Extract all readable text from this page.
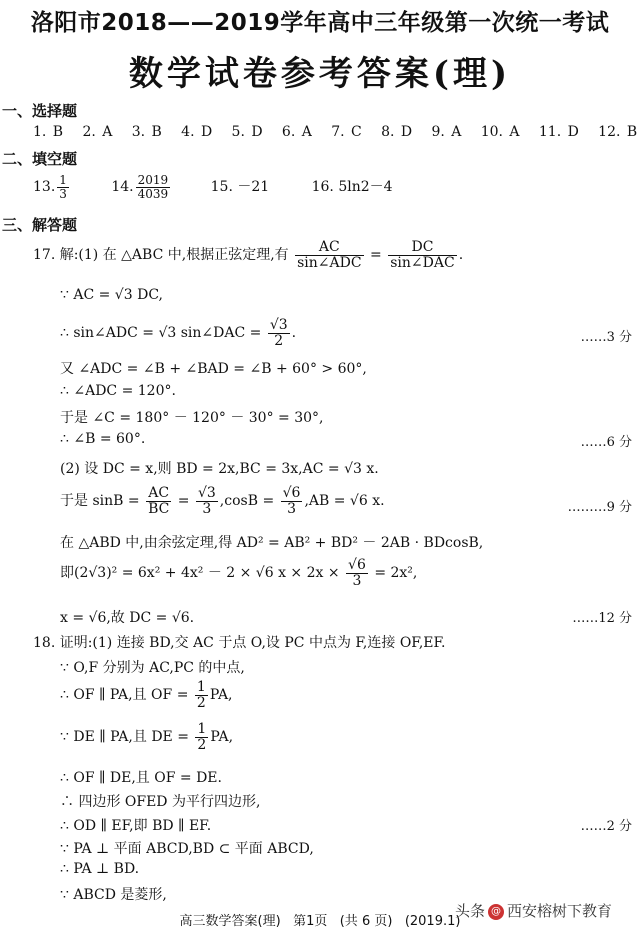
洛阳市2018——2019学年高中三年级第一次统一考试
数学试卷参考答案(理)
一、选择题
1. B   2. A   3. B   4. D   5. D   6. A   7. C   8. D   9. A   10. A   11. D   12. B
二、填空题
13. $\frac{1}{3}$	14. $\frac{2019}{4039}$	15. －21	16. 5ln2－4
三、解答题
17. 解:(1) 在 △ABC 中,根据正弦定理,有 $\frac{AC}{\text{sin∠ADC}} = \frac{DC}{\text{sin∠DAC}}$ .
∵ AC = √3 DC,
∴ sin∠ADC = √3 sin∠DAC = $\frac{√3}{2}$ .	……3 分
又 ∠ADC = ∠B + ∠BAD = ∠B + 60° > 60°,
∴ ∠ADC = 120°.
于是 ∠C = 180° － 120° － 30° = 30°,
∴ ∠B = 60°.	……6 分
(2) 设 DC = x,则 BD = 2x,BC = 3x,AC = √3 x.
于是 $\sin B = \frac{AC}{BC} = \frac{√3}{3} ,\cos B = \frac{√6}{3} ,AB = √6$ x.	………9 分
在 △ABD 中,由余弦定理,得 AD² = AB² + BD² － 2AB · BDcosB,
即(2√3)² = 6x² + 4x² － 2 × √6 $x \times 2x \times \frac{√6}{3} = 2x^2$,
x = √6,故 DC = √6.	……12 分
18. 证明:(1) 连接 BD,交 AC 于点 O,设 PC 中点为 F,连接 OF,EF.
∵ O,F 分别为 AC,PC 的中点,
∴ OF ∥ PA,且 OF = $\frac{1}{2}$ PA,
∵ DE ∥ PA,且 DE = $\frac{1}{2}$ PA,
∴ OF ∥ DE,且 OF = DE.
∴ 四边形 OFED 为平行四边形,
∴ OD ∥ EF,即 BD ∥ EF.	……2 分
∵ PA ⊥ 平面 ABCD,BD ⊂ 平面 ABCD,
∴ PA ⊥ BD.
∵ ABCD 是菱形,
高三数学答案(理)   第1页   (共 6 页)   (2019.1)
头条 @ 西安榕树下教育
